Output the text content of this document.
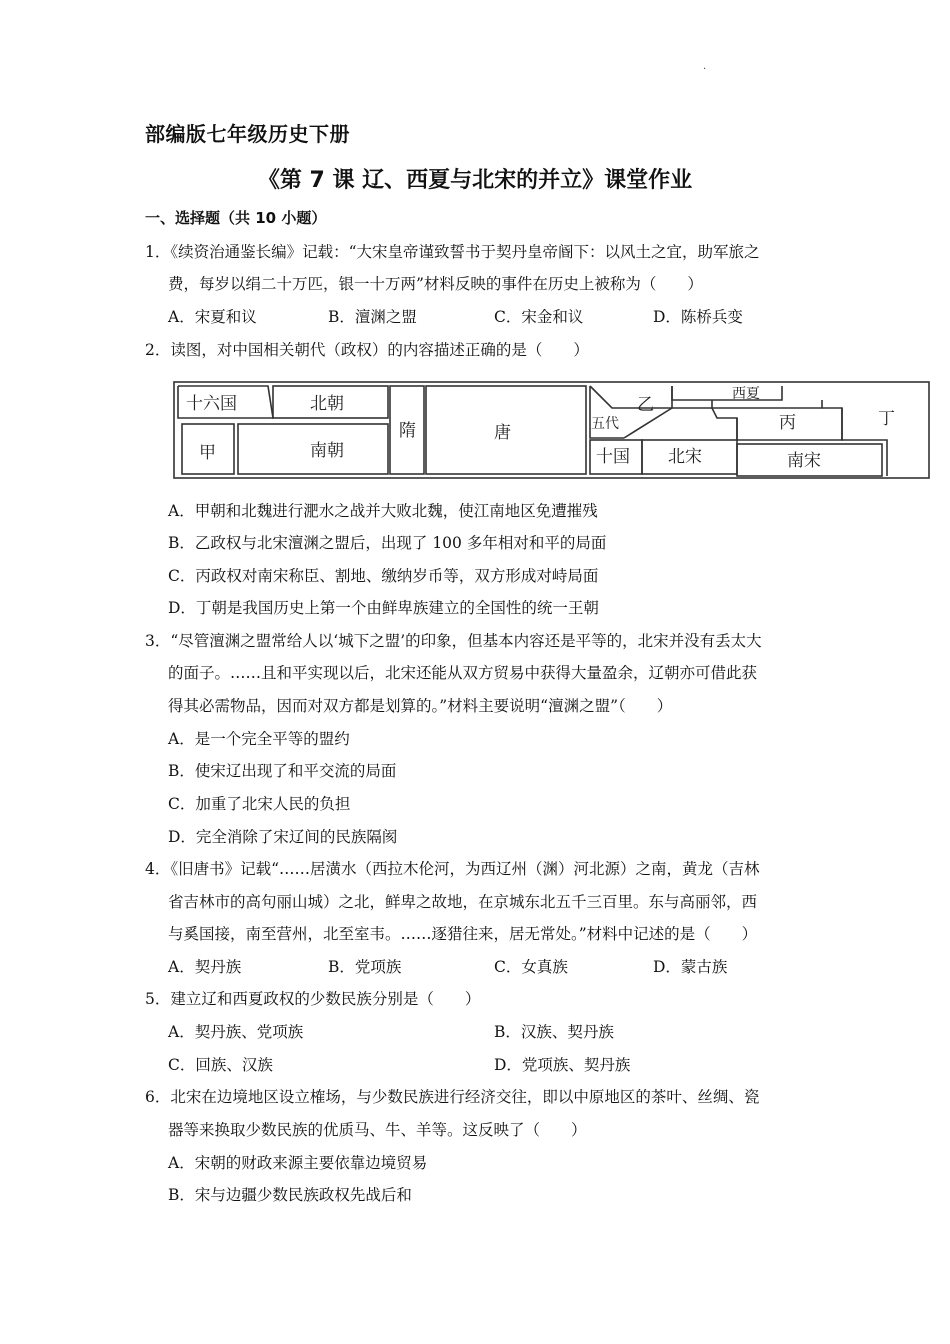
·
部编版七年级历史下册
《第 7 课 辽、西夏与北宋的并立》课堂作业
一、选择题（共 10 小题）
1．《续资治通鉴长编》记载：“大宋皇帝谨致誓书于契丹皇帝阍下：以风土之宜，助军旅之
费，每岁以绢二十万匹，银一十万两”材料反映的事件在历史上被称为（　　）
A．宋夏和议	B．澶渊之盟	C．宋金和议	D．陈桥兵变
2．读图，对中国相关朝代（政权）的内容描述正确的是（　　）
十六国	北朝
甲	南朝
隋	唐	五代
乙
西夏
丙	丁
十国 北宋	南宋
A．甲朝和北魏进行淝水之战并大败北魏，使江南地区免遭摧残
B．乙政权与北宋澶渊之盟后，出现了 100 多年相对和平的局面
C．丙政权对南宋称臣、割地、缴纳岁币等，双方形成对峙局面
D．丁朝是我国历史上第一个由鲜卑族建立的全国性的统一王朝
3．“尽管澶渊之盟常给人以‘城下之盟’的印象，但基本内容还是平等的，北宋并没有丢太大
的面子。……且和平实现以后，北宋还能从双方贸易中获得大量盈余，辽朝亦可借此获
得其必需物品，因而对双方都是划算的。”材料主要说明“澶渊之盟”（　　）
A．是一个完全平等的盟约
B．使宋辽出现了和平交流的局面
C．加重了北宋人民的负担
D．完全消除了宋辽间的民族隔阂
4．《旧唐书》记载“……居潢水（西拉木伦河，为西辽州（渊）河北源）之南，黄龙（吉林
省吉林市的高句丽山城）之北，鲜卑之故地，在京城东北五千三百里。东与高丽邻，西
与奚国接，南至营州，北至室韦。……逐猎往来，居无常处。”材料中记述的是（　　）
A．契丹族	B．党项族	C．女真族	D．蒙古族
5．建立辽和西夏政权的少数民族分别是（　　）
A．契丹族、党项族	B．汉族、契丹族
C．回族、汉族	D．党项族、契丹族
6．北宋在边境地区设立榷场，与少数民族进行经济交往，即以中原地区的茶叶、丝绸、瓷
器等来换取少数民族的优质马、牛、羊等。这反映了（　　）
A．宋朝的财政来源主要依靠边境贸易
B．宋与边疆少数民族政权先战后和
